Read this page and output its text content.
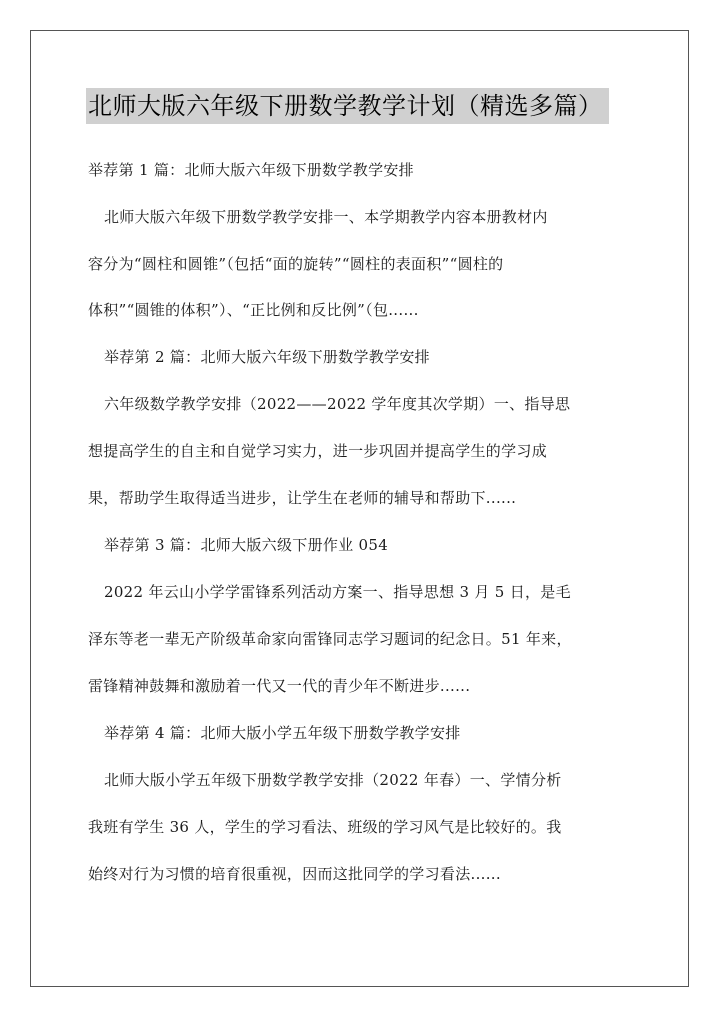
北师大版六年级下册数学教学计划（精选多篇）
举荐第 1 篇：北师大版六年级下册数学教学安排
北师大版六年级下册数学教学安排一、本学期教学内容本册教材内
容分为“圆柱和圆锥”（包括“面的旋转”“圆柱的表面积”“圆柱的
体积”“圆锥的体积”）、“正比例和反比例”（包......
举荐第 2 篇：北师大版六年级下册数学教学安排
六年级数学教学安排（2022——2022 学年度其次学期）一、指导思
想提高学生的自主和自觉学习实力，进一步巩固并提高学生的学习成
果，帮助学生取得适当进步，让学生在老师的辅导和帮助下......
举荐第 3 篇：北师大版六级下册作业 054
2022 年云山小学学雷锋系列活动方案一、指导思想 3 月 5 日，是毛
泽东等老一辈无产阶级革命家向雷锋同志学习题词的纪念日。51 年来，
雷锋精神鼓舞和激励着一代又一代的青少年不断进步......
举荐第 4 篇：北师大版小学五年级下册数学教学安排
北师大版小学五年级下册数学教学安排（2022 年春）一、学情分析
我班有学生 36 人，学生的学习看法、班级的学习风气是比较好的。我
始终对行为习惯的培育很重视，因而这批同学的学习看法......
